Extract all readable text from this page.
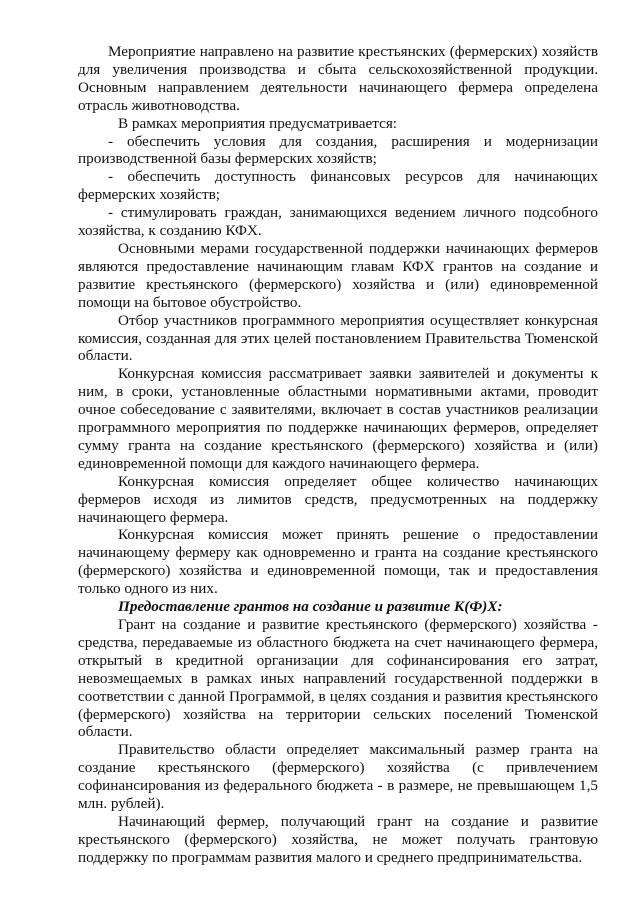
Мероприятие направлено на развитие крестьянских (фермерских) хозяйств для увеличения производства и сбыта сельскохозяйственной продукции. Основным направлением деятельности начинающего фермера определена отрасль животноводства.

В рамках мероприятия предусматривается:

- обеспечить условия для создания, расширения и модернизации производственной базы фермерских хозяйств;

- обеспечить доступность финансовых ресурсов для начинающих фермерских хозяйств;

- стимулировать граждан, занимающихся ведением личного подсобного хозяйства, к созданию КФХ.

Основными мерами государственной поддержки начинающих фермеров являются предоставление начинающим главам КФХ грантов на создание и развитие крестьянского (фермерского) хозяйства и (или) единовременной помощи на бытовое обустройство.

Отбор участников программного мероприятия осуществляет конкурсная комиссия, созданная для этих целей постановлением Правительства Тюменской области.

Конкурсная комиссия рассматривает заявки заявителей и документы к ним, в сроки, установленные областными нормативными актами, проводит очное собеседование с заявителями, включает в состав участников реализации программного мероприятия по поддержке начинающих фермеров, определяет сумму гранта на создание крестьянского (фермерского) хозяйства и (или) единовременной помощи для каждого начинающего фермера.

Конкурсная комиссия определяет общее количество начинающих фермеров исходя из лимитов средств, предусмотренных на поддержку начинающего фермера.

Конкурсная комиссия может принять решение о предоставлении начинающему фермеру как одновременно и гранта на создание крестьянского (фермерского) хозяйства и единовременной помощи, так и предоставления только одного из них.

Предоставление грантов на создание и развитие К(Ф)Х:

Грант на создание и развитие крестьянского (фермерского) хозяйства - средства, передаваемые из областного бюджета на счет начинающего фермера, открытый в кредитной организации для софинансирования его затрат, невозмещаемых в рамках иных направлений государственной поддержки в соответствии с данной Программой, в целях создания и развития крестьянского (фермерского) хозяйства на территории сельских поселений Тюменской области.

Правительство области определяет максимальный размер гранта на создание крестьянского (фермерского) хозяйства (с привлечением софинансирования из федерального бюджета - в размере, не превышающем 1,5 млн. рублей).

Начинающий фермер, получающий грант на создание и развитие крестьянского (фермерского) хозяйства, не может получать грантовую поддержку по программам развития малого и среднего предпринимательства.
